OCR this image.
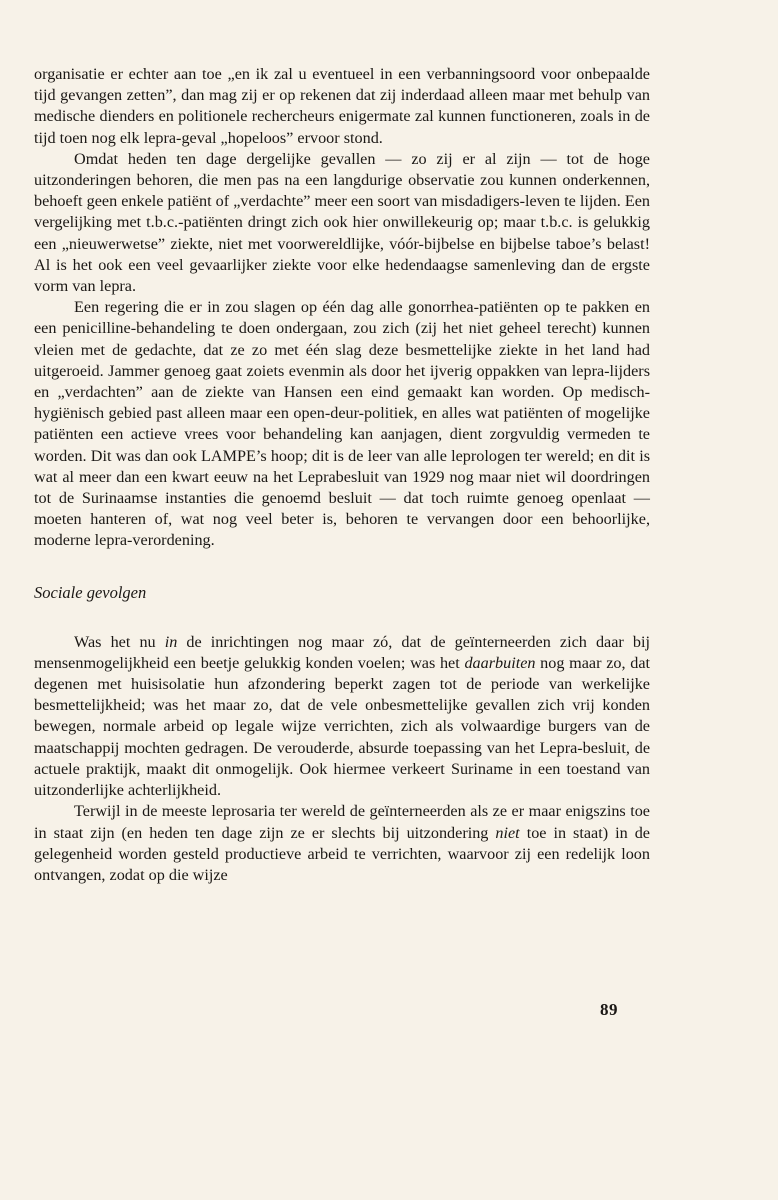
organisatie er echter aan toe „en ik zal u eventueel in een verbanningsoord voor onbepaalde tijd gevangen zetten”, dan mag zij er op rekenen dat zij inderdaad alleen maar met behulp van medische dienders en politionele rechercheurs enigermate zal kunnen functioneren, zoals in de tijd toen nog elk lepra-geval „hopeloos” ervoor stond.

Omdat heden ten dage dergelijke gevallen — zo zij er al zijn — tot de hoge uitzonderingen behoren, die men pas na een langdurige observatie zou kunnen onderkennen, behoeft geen enkele patiënt of „verdachte” meer een soort van misdadigers-leven te lijden. Een vergelijking met t.b.c.-patiënten dringt zich ook hier onwillekeurig op; maar t.b.c. is gelukkig een „nieuwerwetse” ziekte, niet met voorwereldlijke, vóór-bijbelse en bijbelse taboe’s belast! Al is het ook een veel gevaarlijker ziekte voor elke hedendaagse samenleving dan de ergste vorm van lepra.

Een regering die er in zou slagen op één dag alle gonorrhea-patiënten op te pakken en een penicilline-behandeling te doen ondergaan, zou zich (zij het niet geheel terecht) kunnen vleien met de gedachte, dat ze zo met één slag deze besmettelijke ziekte in het land had uitgeroeid. Jammer genoeg gaat zoiets evenmin als door het ijverig oppakken van lepra-lijders en „verdachten” aan de ziekte van Hansen een eind gemaakt kan worden. Op medisch-hygiënisch gebied past alleen maar een open-deur-politiek, en alles wat patiënten of mogelijke patiënten een actieve vrees voor behandeling kan aanjagen, dient zorgvuldig vermeden te worden. Dit was dan ook LAMPE’s hoop; dit is de leer van alle leprologen ter wereld; en dit is wat al meer dan een kwart eeuw na het Leprabesluit van 1929 nog maar niet wil doordringen tot de Surinaamse instanties die genoemd besluit — dat toch ruimte genoeg openlaat — moeten hanteren of, wat nog veel beter is, behoren te vervangen door een behoorlijke, moderne lepra-verordening.

Sociale gevolgen

Was het nu in de inrichtingen nog maar zó, dat de geïnterneerden zich daar bij mensenmogelijkheid een beetje gelukkig konden voelen; was het daarbuiten nog maar zo, dat degenen met huisisolatie hun afzondering beperkt zagen tot de periode van werkelijke besmettelijkheid; was het maar zo, dat de vele onbesmettelijke gevallen zich vrij konden bewegen, normale arbeid op legale wijze verrichten, zich als volwaardige burgers van de maatschappij mochten gedragen. De verouderde, absurde toepassing van het Lepra-besluit, de actuele praktijk, maakt dit onmogelijk. Ook hiermee verkeert Suriname in een toestand van uitzonderlijke achterlijkheid.

Terwijl in de meeste leprosaria ter wereld de geïnterneerden als ze er maar enigszins toe in staat zijn (en heden ten dage zijn ze er slechts bij uitzondering niet toe in staat) in de gelegenheid worden gesteld productieve arbeid te verrichten, waarvoor zij een redelijk loon ontvangen, zodat op die wijze

89
